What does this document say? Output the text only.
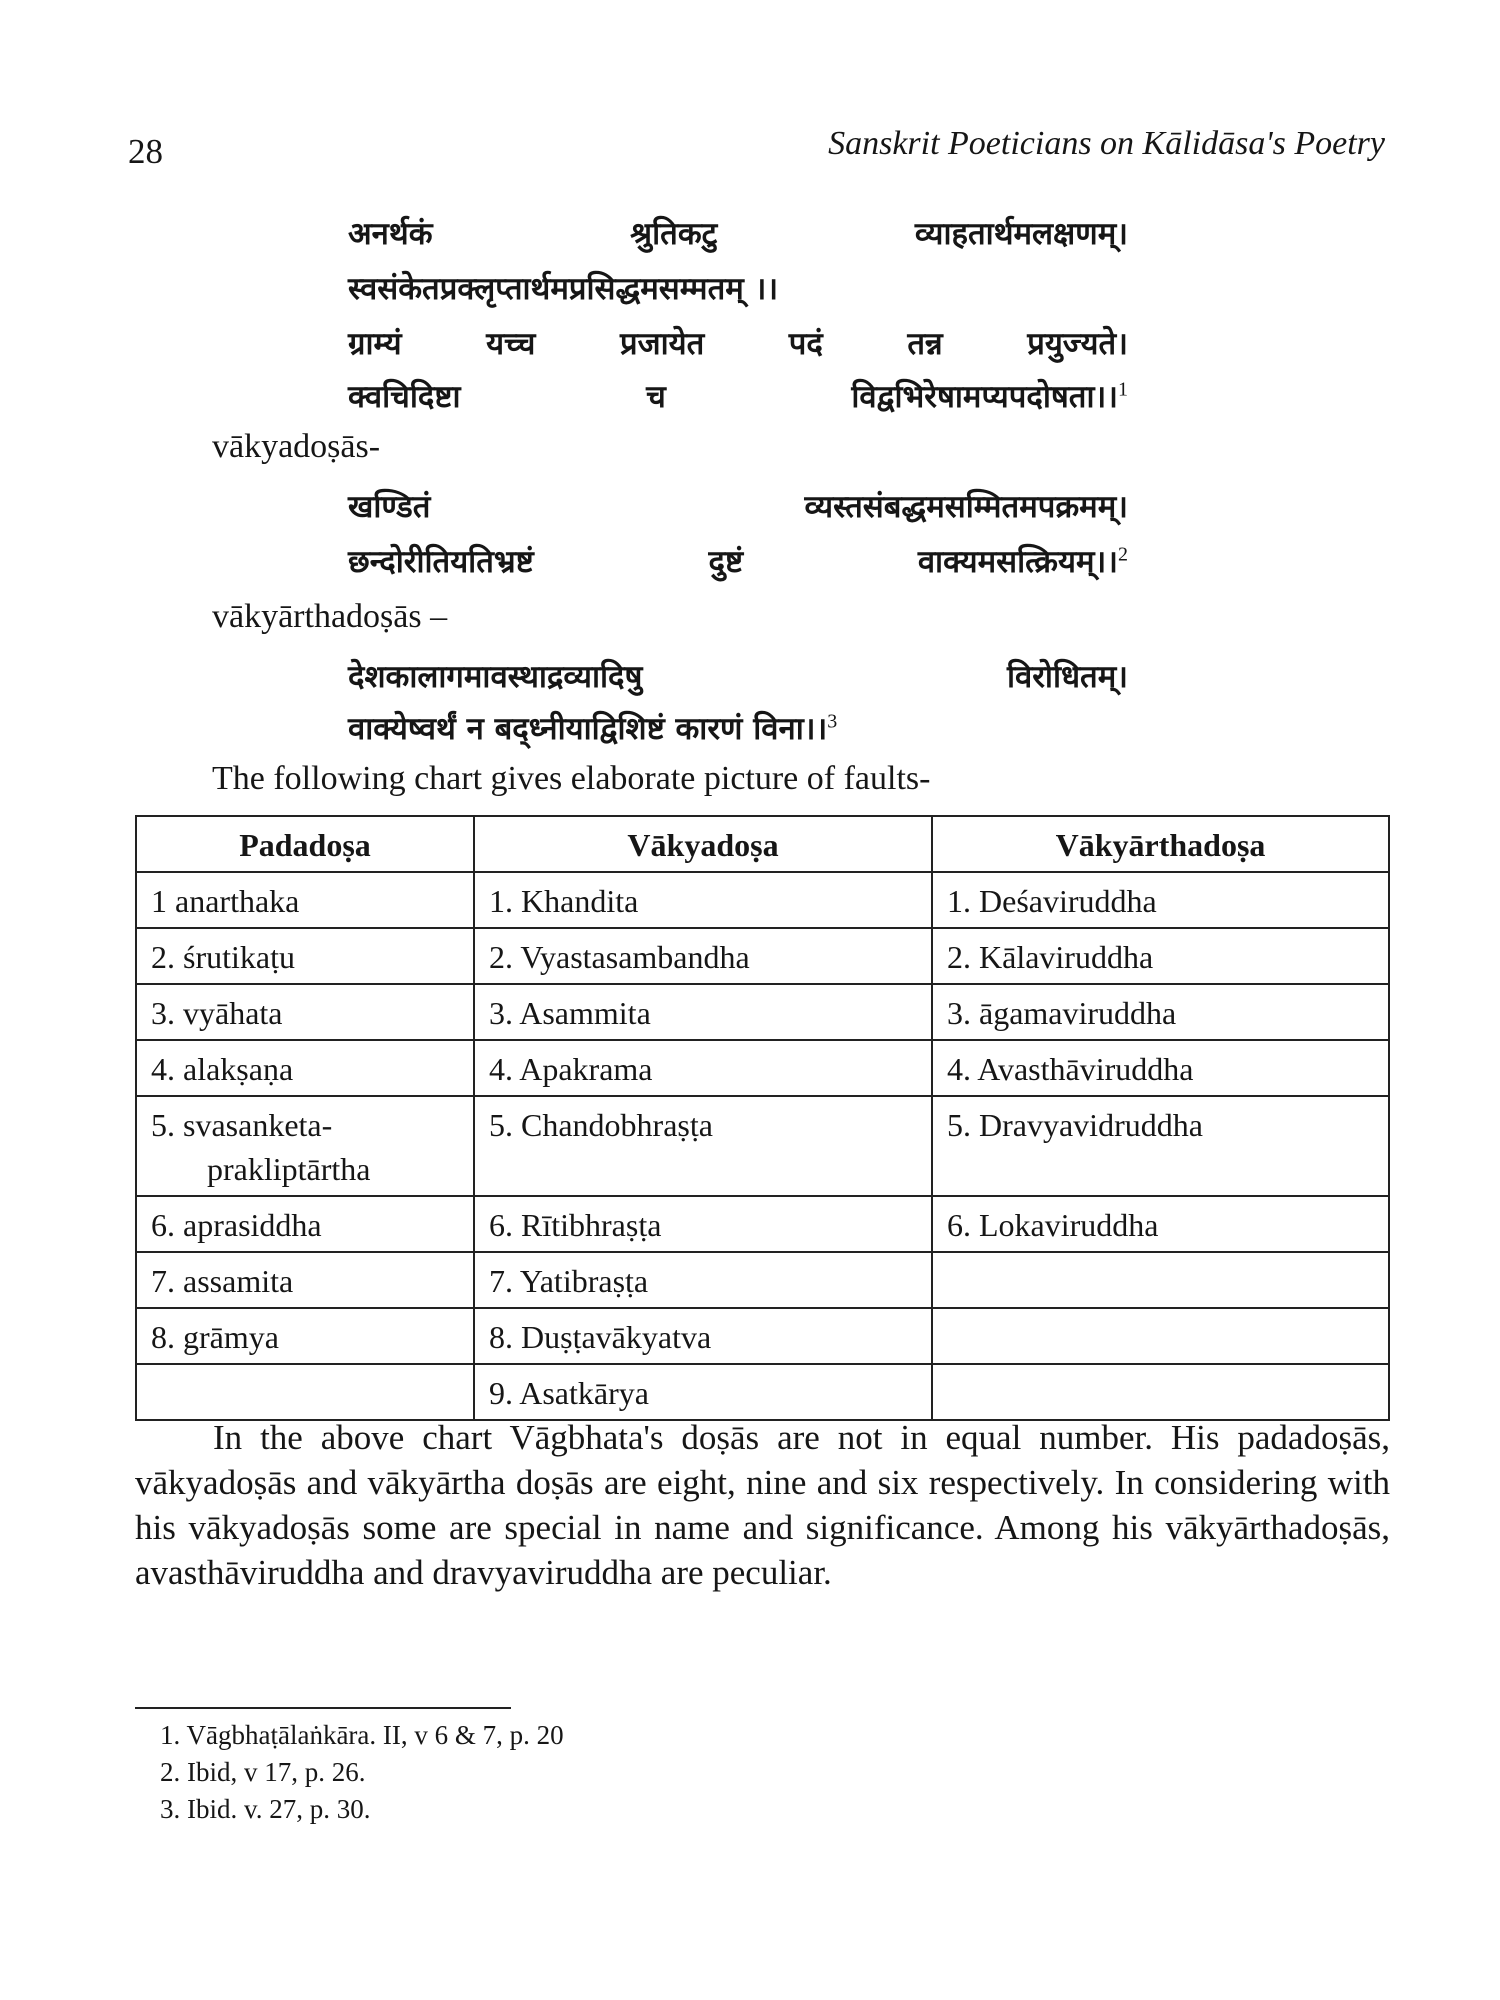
28	Sanskrit Poeticians on Kālidāsa's Poetry
अनर्थकं	श्रुतिकटु	व्याहतार्थमलक्षणम्।
स्वसंकेतप्रक्लृप्तार्थमप्रसिद्धमसम्मतम् ।।
ग्राम्यं	यच्च	प्रजायेत	पदं	तन्न	प्रयुज्यते।
क्वचिदिष्टा	च	विद्वभिरेषामप्यपदोषता।।$^1$
vākyadoṣās-
खण्डितं	व्यस्तसंबद्धमसम्मितमपक्रमम्।
छन्दोरीतियतिभ्रष्टं	दुष्टं	वाक्यमसत्क्रियम्।।$^2$
vākyārthadoṣās –
देशकालागमावस्थाद्रव्यादिषु	विरोधितम्।
वाक्येष्वर्थं न बद्ध्नीयाद्विशिष्टं कारणं विना।।$^3$
The following chart gives elaborate picture of faults-
Padadoṣa	Vākyadoṣa	Vākyārthadoṣa
1 anarthaka	1. Khandita	1. Deśaviruddha
2. śrutikaṭu	2. Vyastasambandha	2. Kālaviruddha
3. vyāhata	3. Asammita	3. āgamaviruddha
4. alakṣaṇa	4. Apakrama	4. Avasthāviruddha
5. svasanketa-       prakliptārtha	5. Chandobhraṣṭa	5. Dravyavidruddha
6. aprasiddha	6. Rītibhraṣṭa	6. Lokaviruddha
7. assamita	7. Yatibraṣṭa	
8. grāmya	8. Duṣṭavākyatva	
	9. Asatkārya	
In the above chart Vāgbhata's doṣās are not in equal number. His padadoṣās, vākyadoṣās and vākyārtha doṣās are eight, nine and six respectively. In considering with his vākyadoṣās some are special in name and significance. Among his vākyārthadoṣās, avasthāviruddha and dravyaviruddha are peculiar.
1. Vāgbhaṭālaṅkāra. II, v 6 & 7, p. 20
2. Ibid, v 17, p. 26.
3. Ibid. v. 27, p. 30.
